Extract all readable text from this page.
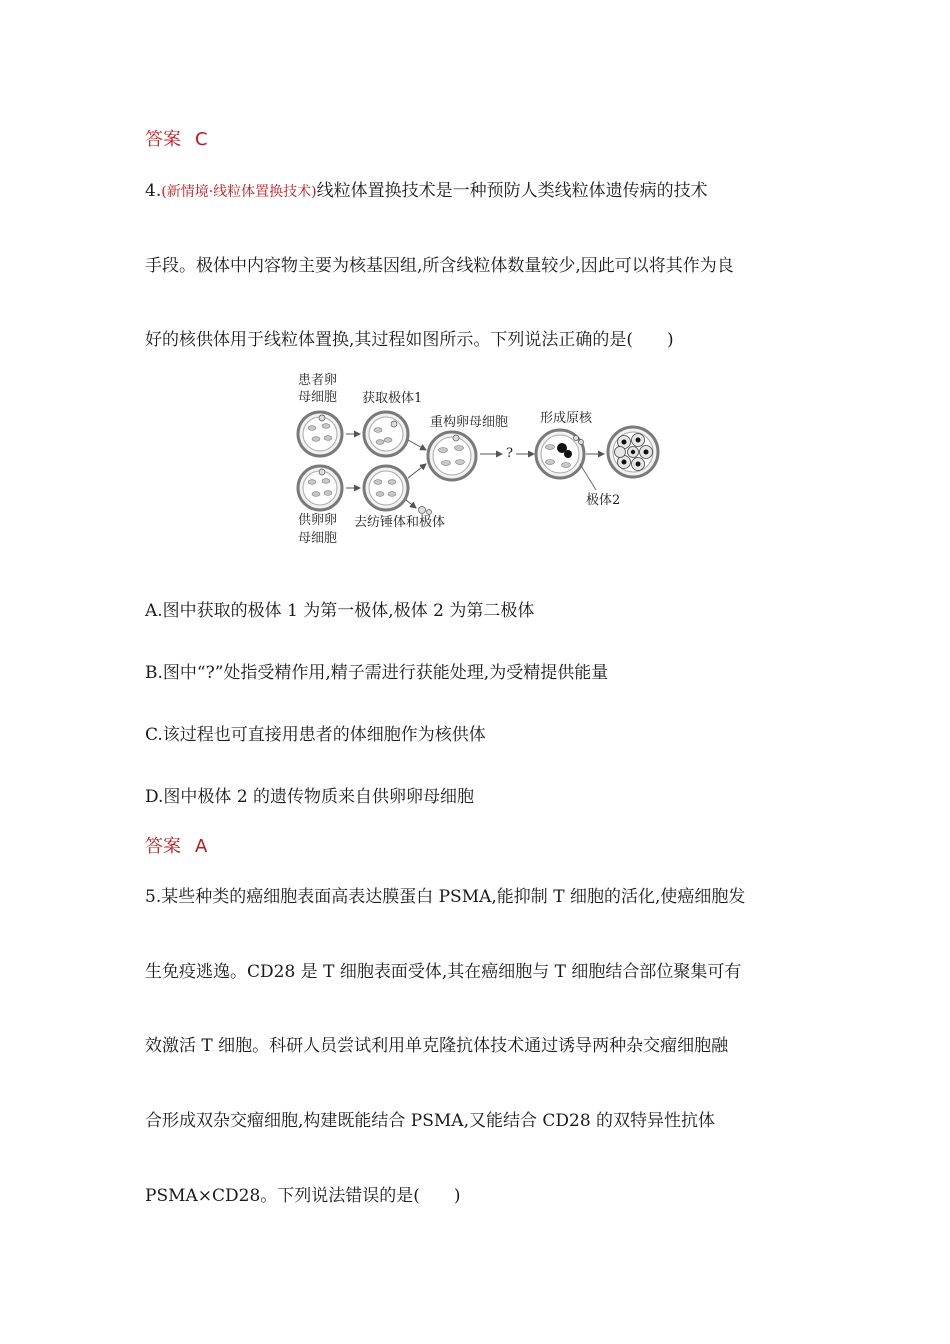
答案 C
4.(新情境·线粒体置换技术)线粒体置换技术是一种预防人类线粒体遗传病的技术
手段。极体中内容物主要为核基因组,所含线粒体数量较少,因此可以将其作为良
好的核供体用于线粒体置换,其过程如图所示。下列说法正确的是( )
患者卵
母细胞 获取极体1
重构卵母细胞 形成原核
?
极体2
供卵卵
母细胞
去纺锤体和极体
A.图中获取的极体 1 为第一极体,极体 2 为第二极体
B.图中“?”处指受精作用,精子需进行获能处理,为受精提供能量
C.该过程也可直接用患者的体细胞作为核供体
D.图中极体 2 的遗传物质来自供卵卵母细胞
答案 A
5.某些种类的癌细胞表面高表达膜蛋白 PSMA,能抑制 T 细胞的活化,使癌细胞发
生免疫逃逸。CD28 是 T 细胞表面受体,其在癌细胞与 T 细胞结合部位聚集可有
效激活 T 细胞。科研人员尝试利用单克隆抗体技术通过诱导两种杂交瘤细胞融
合形成双杂交瘤细胞,构建既能结合 PSMA,又能结合 CD28 的双特异性抗体
PSMA×CD28。下列说法错误的是( )
